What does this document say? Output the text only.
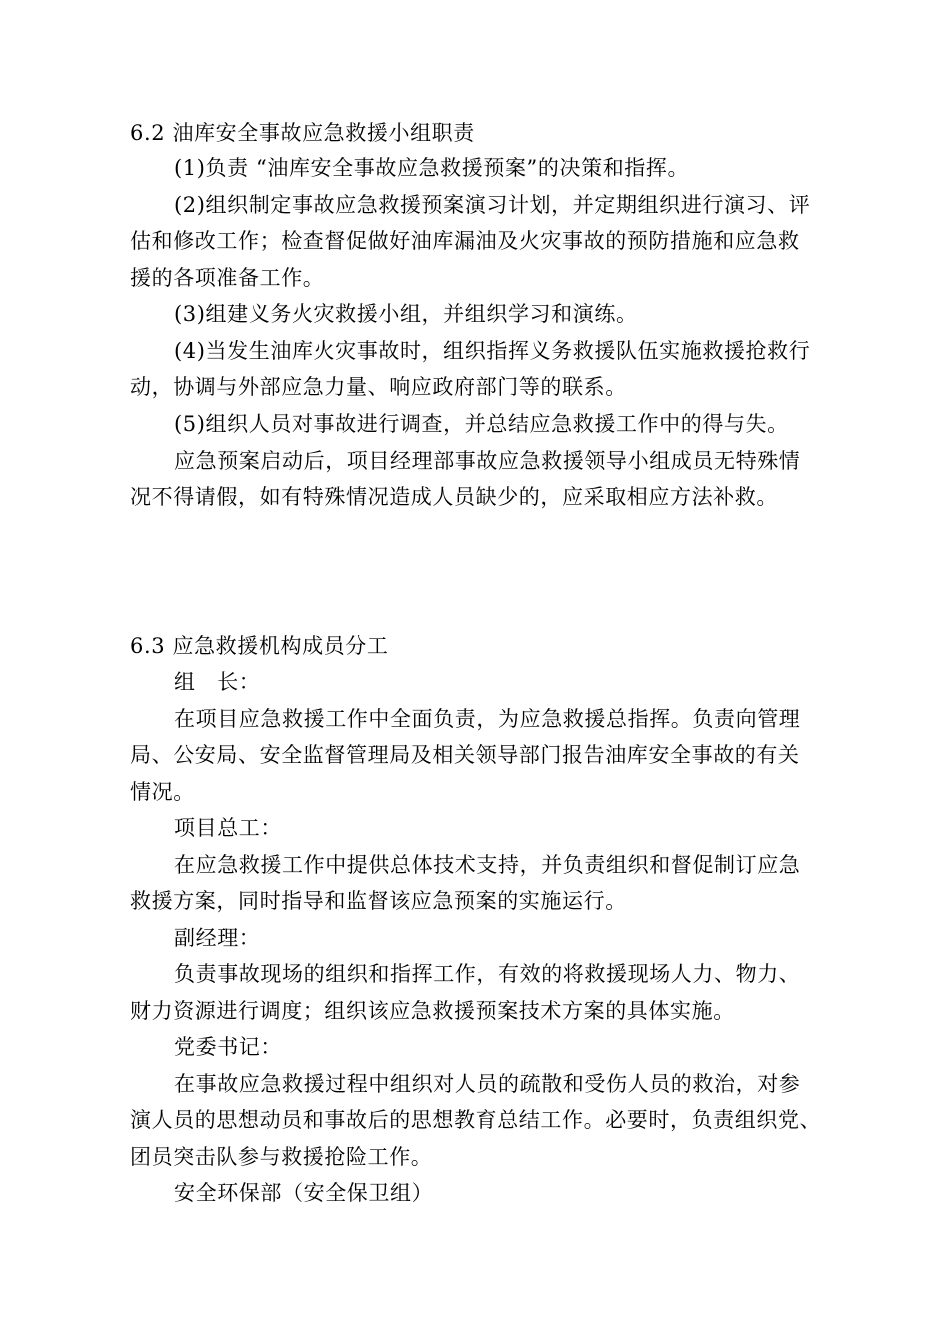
6.2 油库安全事故应急救援小组职责
(1)负责 “油库安全事故应急救援预案”的决策和指挥。
(2)组织制定事故应急救援预案演习计划，并定期组织进行演习、评
估和修改工作；检查督促做好油库漏油及火灾事故的预防措施和应急救
援的各项准备工作。
(3)组建义务火灾救援小组，并组织学习和演练。
(4)当发生油库火灾事故时，组织指挥义务救援队伍实施救援抢救行
动，协调与外部应急力量、响应政府部门等的联系。
(5)组织人员对事故进行调查，并总结应急救援工作中的得与失。
应急预案启动后，项目经理部事故应急救援领导小组成员无特殊情
况不得请假，如有特殊情况造成人员缺少的，应采取相应方法补救。
6.3 应急救援机构成员分工
组　长：
在项目应急救援工作中全面负责，为应急救援总指挥。负责向管理
局、公安局、安全监督管理局及相关领导部门报告油库安全事故的有关
情况。
项目总工：
在应急救援工作中提供总体技术支持，并负责组织和督促制订应急
救援方案，同时指导和监督该应急预案的实施运行。
副经理：
负责事故现场的组织和指挥工作，有效的将救援现场人力、物力、
财力资源进行调度；组织该应急救援预案技术方案的具体实施。
党委书记：
在事故应急救援过程中组织对人员的疏散和受伤人员的救治，对参
演人员的思想动员和事故后的思想教育总结工作。必要时，负责组织党、
团员突击队参与救援抢险工作。
安全环保部（安全保卫组）
